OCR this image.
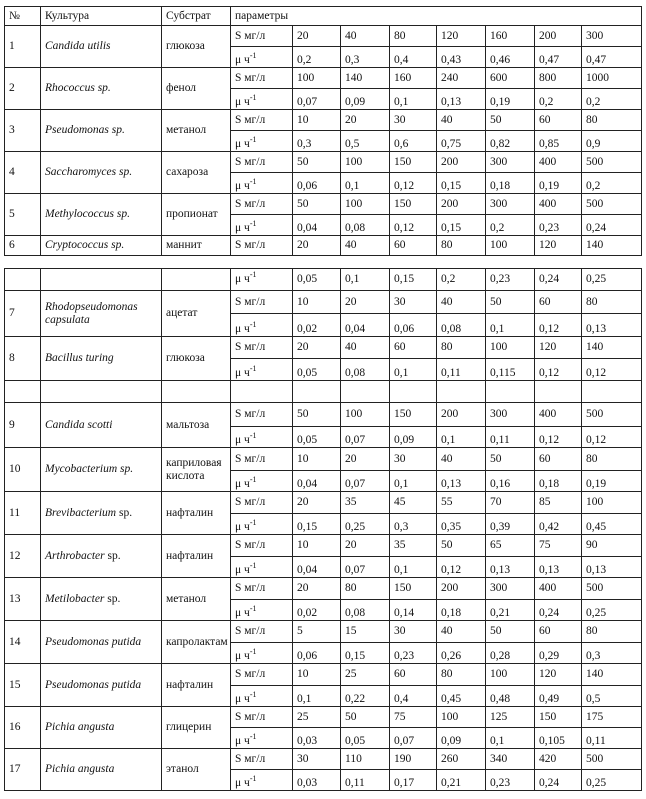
№	Культура	Субстрат	параметры							
1	Candida utilis	глюкоза	S мг/л	20	40	80	120	160	200	300
			μ $ч^{-1}$	0,2	0,3	0,4	0,43	0,46	0,47	0,47
2	Rhococcus sp.	фенол	S мг/л	100	140	160	240	600	800	1000
			μ $ч^{-1}$	0,07	0,09	0,1	0,13	0,19	0,2	0,2
3	Pseudomonas sp.	метанол	S мг/л	10	20	30	40	50	60	80
			μ $ч^{-1}$	0,3	0,5	0,6	0,75	0,82	0,85	0,9
4	Saccharomyces sp.	сахароза	S мг/л	50	100	150	200	300	400	500
			μ $ч^{-1}$	0,06	0,1	0,12	0,15	0,18	0,19	0,2
5	Methylococcus sp.	пропионат	S мг/л	50	100	150	200	300	400	500
			μ $ч^{-1}$	0,04	0,08	0,12	0,15	0,2	0,23	0,24
6	Cryptococcus sp.	маннит	S мг/л	20	40	60	80	100	120	140
			μ $ч^{-1}$	0,05	0,1	0,15	0,2	0,23	0,24	0,25
7	Rhodopseudomonas capsulata	ацетат	S мг/л	10	20	30	40	50	60	80
			μ $ч^{-1}$	0,02	0,04	0,06	0,08	0,1	0,12	0,13
8	Bacillus turing	глюкоза	S мг/л	20	40	60	80	100	120	140
			μ $ч^{-1}$	0,05	0,08	0,1	0,11	0,115	0,12	0,12

9	Candida scotti	мальтоза	S мг/л	50	100	150	200	300	400	500
			μ $ч^{-1}$	0,05	0,07	0,09	0,1	0,11	0,12	0,12
10	Mycobacterium sp.	каприловая кислота	S мг/л	10	20	30	40	50	60	80
			μ $ч^{-1}$	0,04	0,07	0,1	0,13	0,16	0,18	0,19
11	Brevibacterium sp.	нафталин	S мг/л	20	35	45	55	70	85	100
			μ $ч^{-1}$	0,15	0,25	0,3	0,35	0,39	0,42	0,45
12	Arthrobacter sp.	нафталин	S мг/л	10	20	35	50	65	75	90
			μ $ч^{-1}$	0,04	0,07	0,1	0,12	0,13	0,13	0,13
13	Metilobacter sp.	метанол	S мг/л	20	80	150	200	300	400	500
			μ $ч^{-1}$	0,02	0,08	0,14	0,18	0,21	0,24	0,25
14	Pseudomonas putida	капролактам	S мг/л	5	15	30	40	50	60	80
			μ $ч^{-1}$	0,06	0,15	0,23	0,26	0,28	0,29	0,3
15	Pseudomonas putida	нафталин	S мг/л	10	25	60	80	100	120	140
			μ $ч^{-1}$	0,1	0,22	0,4	0,45	0,48	0,49	0,5
16	Pichia angusta	глицерин	S мг/л	25	50	75	100	125	150	175
			μ $ч^{-1}$	0,03	0,05	0,07	0,09	0,1	0,105	0,11
17	Pichia angusta	этанол	S мг/л	30	110	190	260	340	420	500
			μ $ч^{-1}$	0,03	0,11	0,17	0,21	0,23	0,24	0,25
